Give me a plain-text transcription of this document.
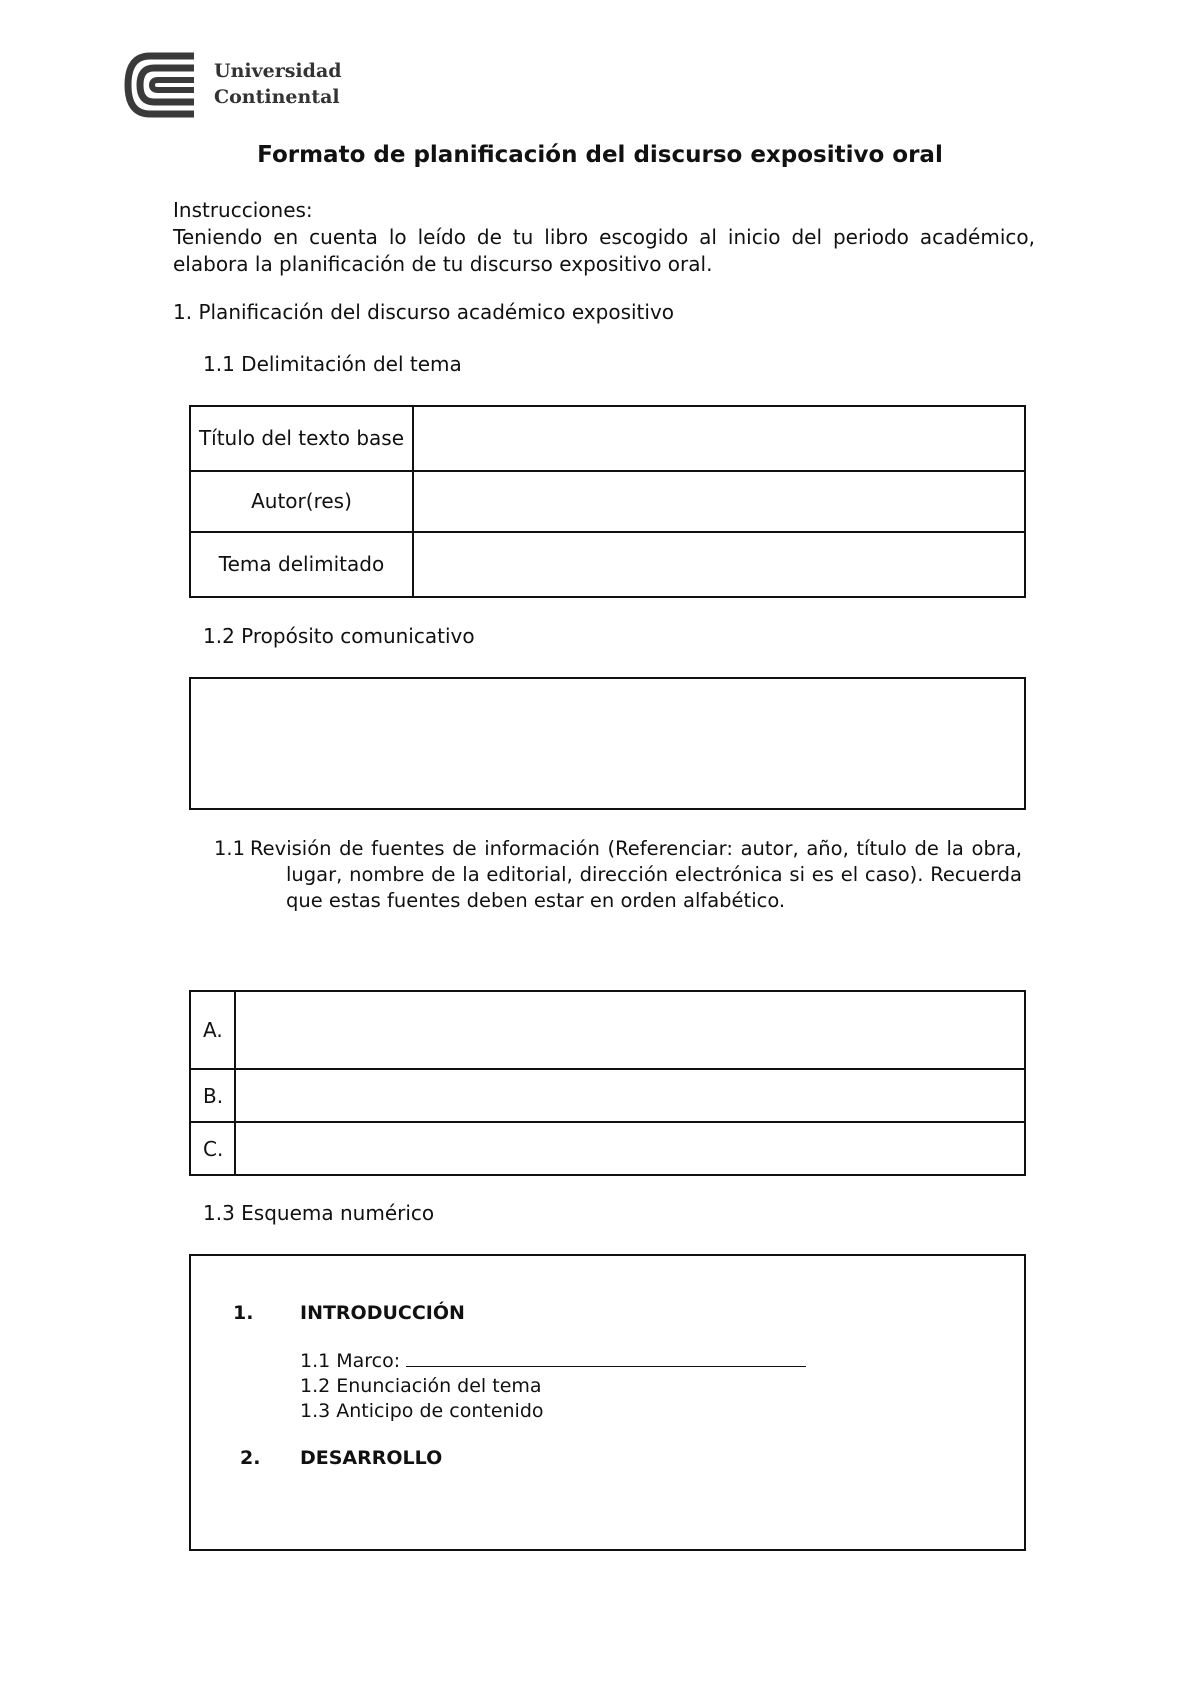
Universidad
Continental
Formato de planificación del discurso expositivo oral
Instrucciones:
Teniendo en cuenta lo leído de tu libro escogido al inicio del periodo académico, elabora la planificación de tu discurso expositivo oral.
1. Planificación del discurso académico expositivo
1.1 Delimitación del tema
Título del texto base	
Autor(res)	
Tema delimitado	
1.2 Propósito comunicativo
1.1 Revisión de fuentes de información (Referenciar: autor, año, título de la obra, lugar, nombre de la editorial, dirección electrónica si es el caso). Recuerda que estas fuentes deben estar en orden alfabético.
A.	
B.	
C.	
1.3 Esquema numérico
1. INTRODUCCIÓN
1.1 Marco:
1.2 Enunciación del tema
1.3 Anticipo de contenido
2. DESARROLLO
